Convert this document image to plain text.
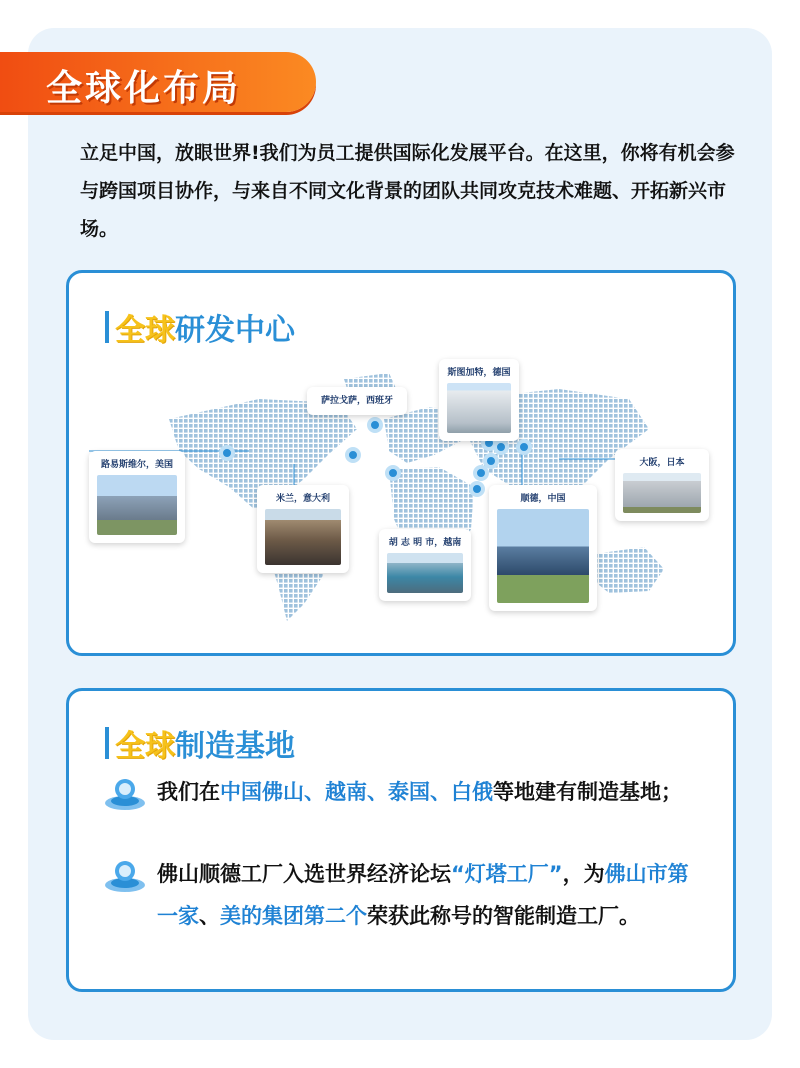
全球化布局

立足中国，放眼世界!我们为员工提供国际化发展平台。在这里，你将有机会参与跨国项目协作，与来自不同文化背景的团队共同攻克技术难题、开拓新兴市场。

全球 研发中心
萨拉戈萨，西班牙
斯图加特，德国
路易斯维尔，美国	大阪，日本
米兰，意大利
胡 志 明 市，越南
顺德，中国
全球 制造基地
我们在中国佛山、越南、泰国、白俄等地建有制造基地；
佛山顺德工厂入选世界经济论坛“灯塔工厂”，为佛山市第一家、美的集团第二个荣获此称号的智能制造工厂。
